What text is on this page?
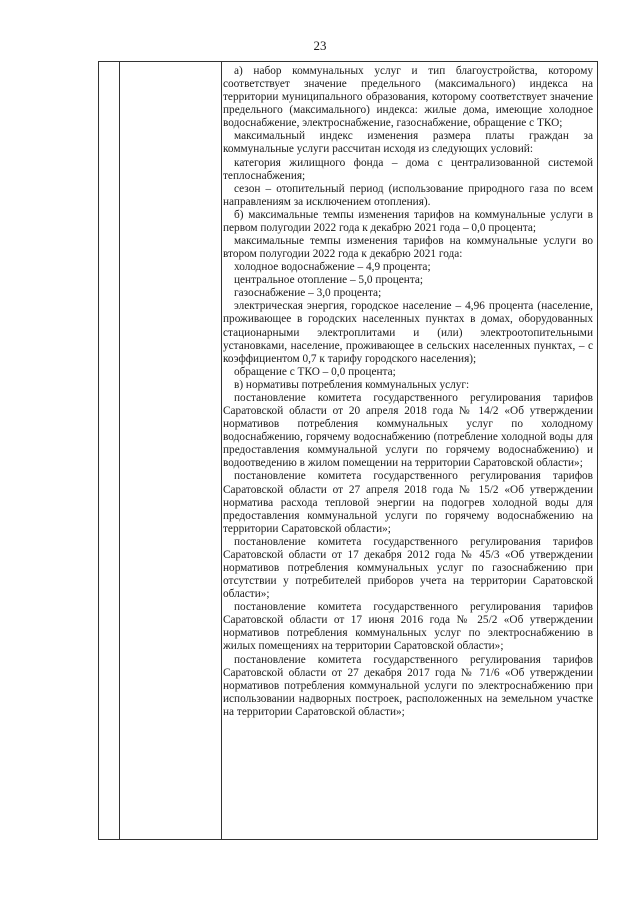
23

а) набор коммунальных услуг и тип благоустройства, которому соответствует значение предельного (максимального) индекса на территории муниципального образования, которому соответствует значение предельного (максимального) индекса: жилые дома, имеющие холодное водоснабжение, электроснабжение, газоснабжение, обращение с ТКО;

максимальный индекс изменения размера платы граждан за коммунальные услуги рассчитан исходя из следующих условий:

категория жилищного фонда – дома с централизованной системой теплоснабжения;

сезон – отопительный период (использование природного газа по всем направлениям за исключением отопления).

б) максимальные темпы изменения тарифов на коммунальные услуги в первом полугодии 2022 года к декабрю 2021 года – 0,0 процента;

максимальные темпы изменения тарифов на коммунальные услуги во втором полугодии 2022 года к декабрю 2021 года:

холодное водоснабжение – 4,9 процента;

центральное отопление – 5,0 процента;

газоснабжение – 3,0 процента;

электрическая энергия, городское население – 4,96 процента (население, проживающее в городских населенных пунктах в домах, оборудованных стационарными электроплитами и (или) электроотопительными установками, население, проживающее в сельских населенных пунктах, – с коэффициентом 0,7 к тарифу городского населения);

обращение с ТКО – 0,0 процента;

в) нормативы потребления коммунальных услуг:

постановление комитета государственного регулирования тарифов Саратовской области от 20 апреля 2018 года № 14/2 «Об утверждении нормативов потребления коммунальных услуг по холодному водоснабжению, горячему водоснабжению (потребление холодной воды для предоставления коммунальной услуги по горячему водоснабжению) и водоотведению в жилом помещении на территории Саратовской области»;

постановление комитета государственного регулирования тарифов Саратовской области от 27 апреля 2018 года № 15/2 «Об утверждении норматива расхода тепловой энергии на подогрев холодной воды для предоставления коммунальной услуги по горячему водоснабжению на территории Саратовской области»;

постановление комитета государственного регулирования тарифов Саратовской области от 17 декабря 2012 года № 45/3 «Об утверждении нормативов потребления коммунальных услуг по газоснабжению при отсутствии у потребителей приборов учета на территории Саратовской области»;

постановление комитета государственного регулирования тарифов Саратовской области от 17 июня 2016 года № 25/2 «Об утверждении нормативов потребления коммунальных услуг по электроснабжению в жилых помещениях на территории Саратовской области»;

постановление комитета государственного регулирования тарифов Саратовской области от 27 декабря 2017 года № 71/6 «Об утверждении нормативов потребления коммунальной услуги по электроснабжению при использовании надворных построек, расположенных на земельном участке на территории Саратовской области»;
